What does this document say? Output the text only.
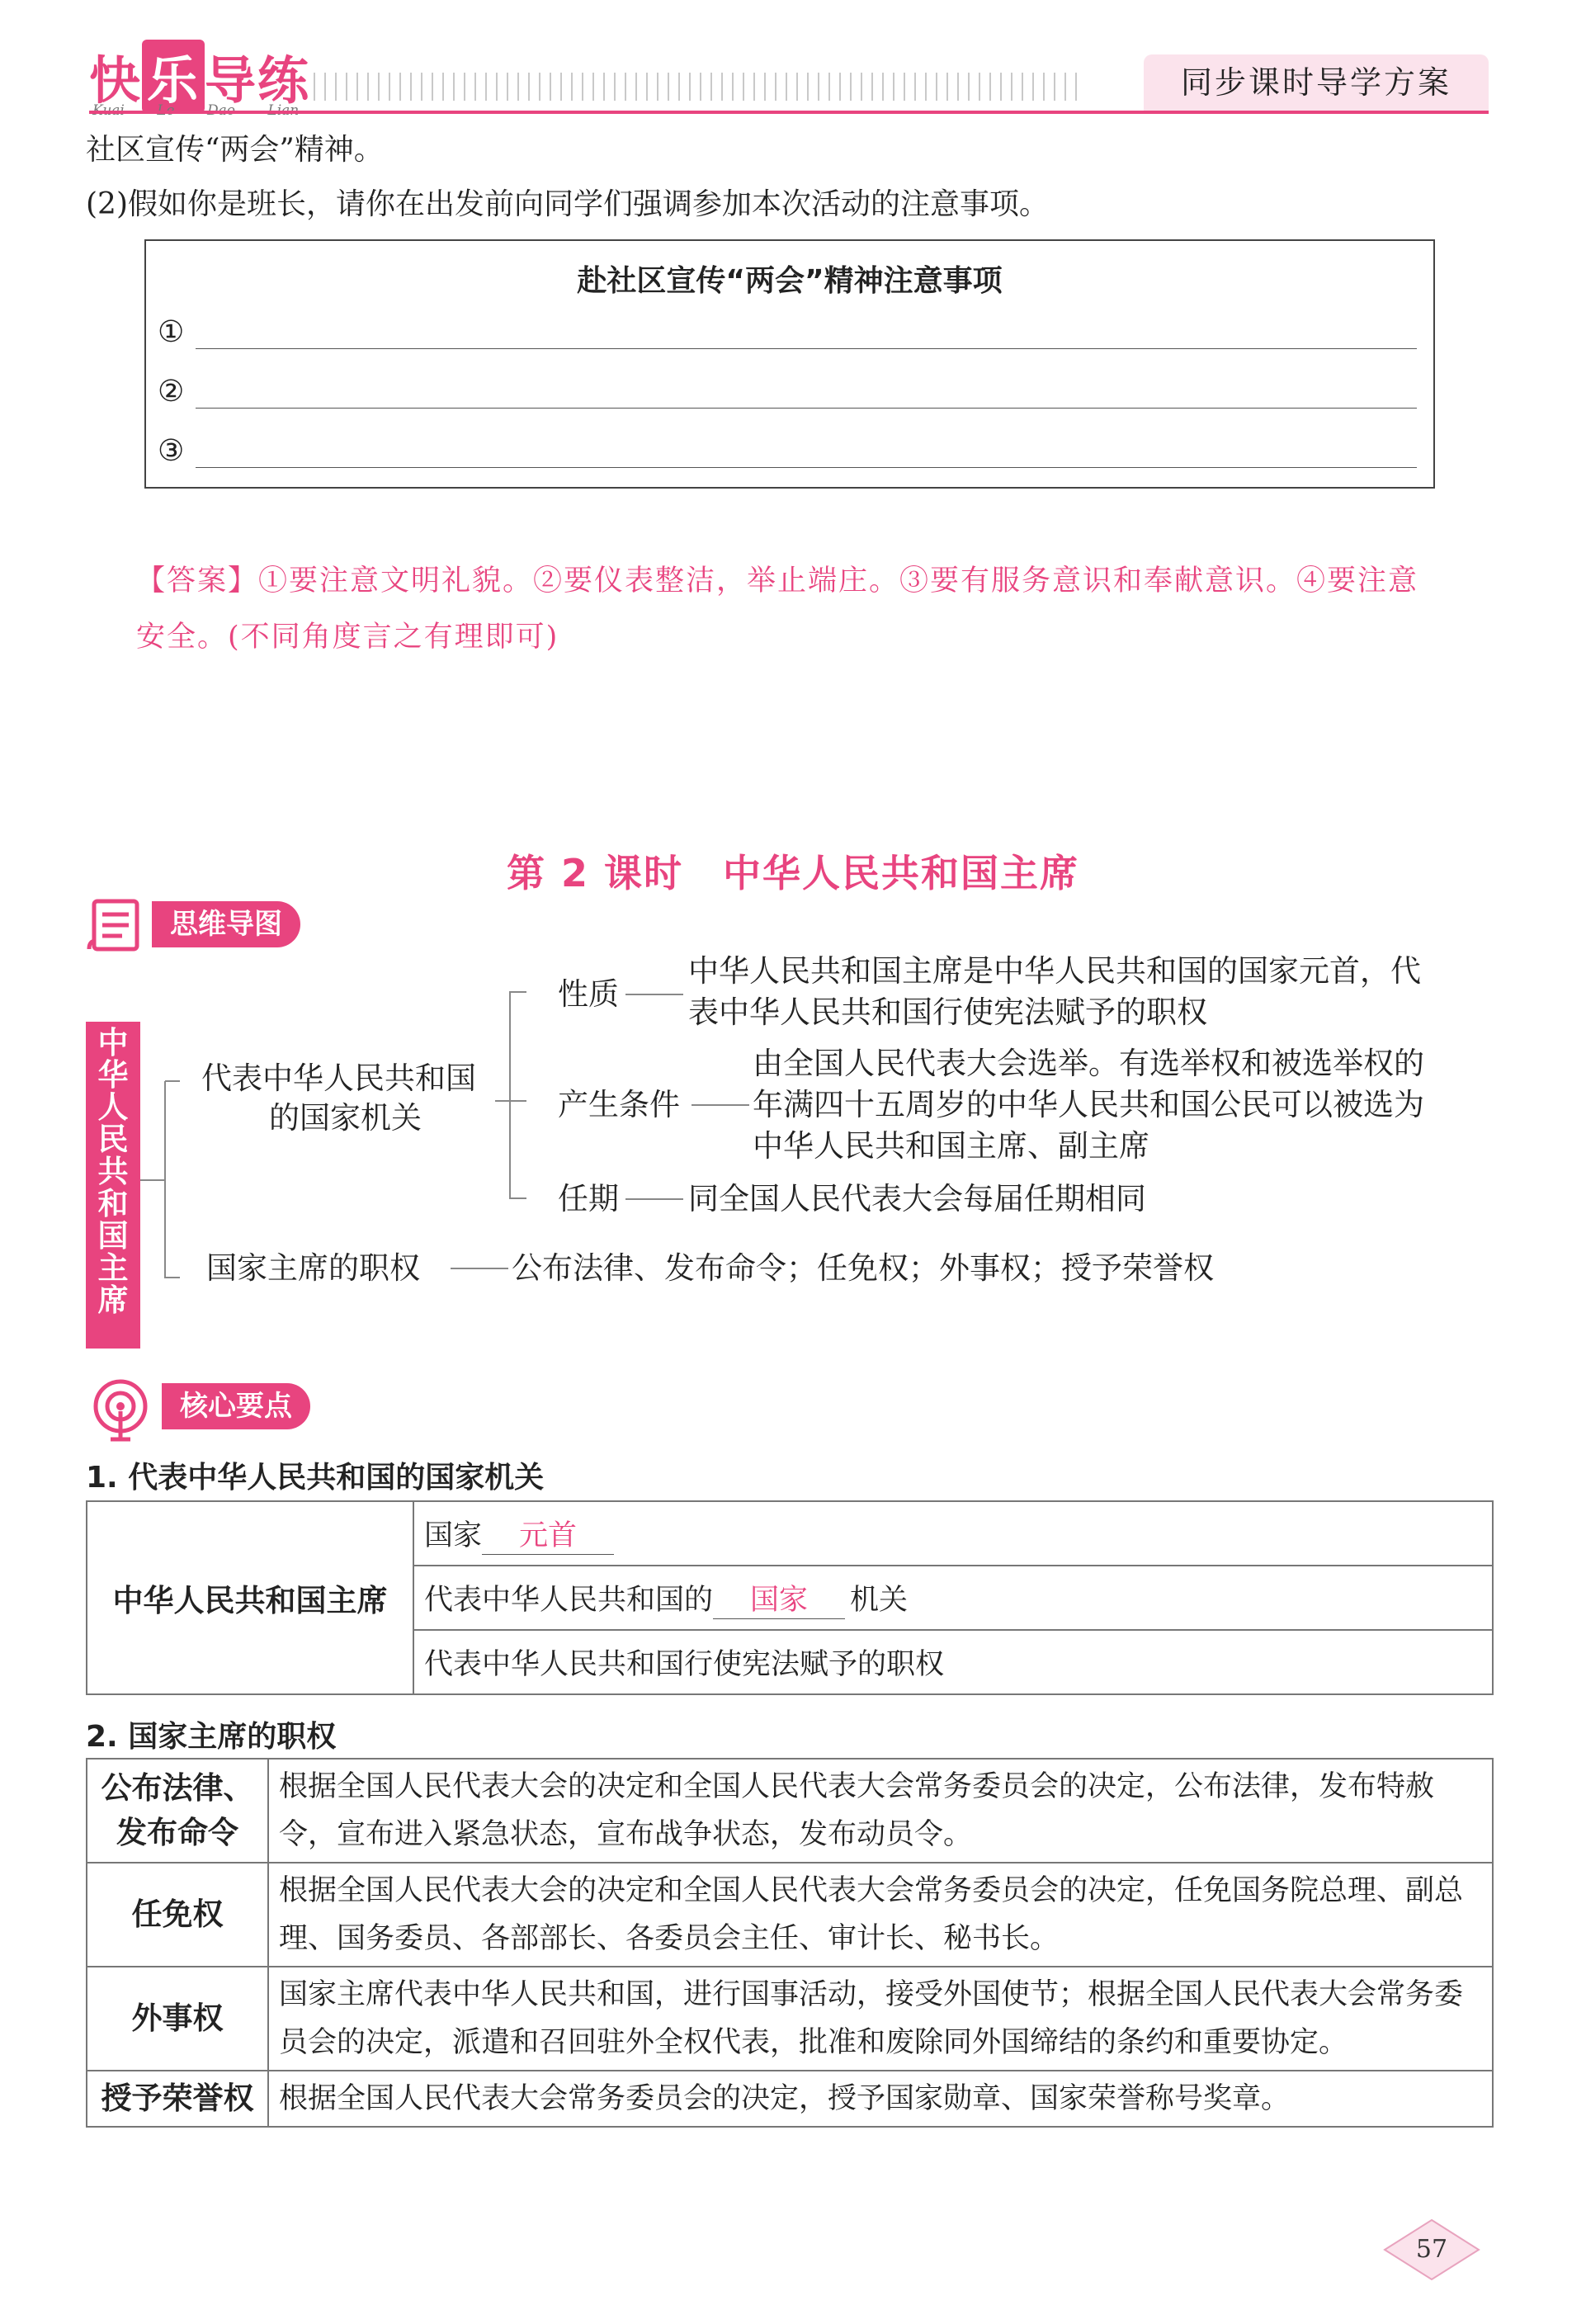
快乐导练	同步课时导学方案
社区宣传“两会”精神。
(2)假如你是班长，请你在出发前向同学们强调参加本次活动的注意事项。
赴社区宣传“两会”精神注意事项
①
②
③
【答案】①要注意文明礼貌。②要仪表整洁，举止端庄。③要有服务意识和奉献意识。④要注意
安全。(不同角度言之有理即可)
第 2 课时　中华人民共和国主席
思维导图
中华人民共和国主席
代表中华人民共和国
的国家机关
性质
中华人民共和国主席是中华人民共和国的国家元首，代
表中华人民共和国行使宪法赋予的职权
产生条件
由全国人民代表大会选举。有选举权和被选举权的
年满四十五周岁的中华人民共和国公民可以被选为
中华人民共和国主席、副主席
任期 同全国人民代表大会每届任期相同
国家主席的职权	公布法律、发布命令；任免权；外事权；授予荣誉权
核心要点
1. 代表中华人民共和国的国家机关
中华人民共和国主席	国家 元首
代表中华人民共和国的 国家 机关
代表中华人民共和国行使宪法赋予的职权
2. 国家主席的职权
公布法律、
发布命令	根据全国人民代表大会的决定和全国人民代表大会常务委员会的决定，公布法律，发布特赦令，宣布进入紧急状态，宣布战争状态，发布动员令。
任免权	根据全国人民代表大会的决定和全国人民代表大会常务委员会的决定，任免国务院总理、副总理、国务委员、各部部长、各委员会主任、审计长、秘书长。
外事权	国家主席代表中华人民共和国，进行国事活动，接受外国使节；根据全国人民代表大会常务委员会的决定，派遣和召回驻外全权代表，批准和废除同外国缔结的条约和重要协定。
授予荣誉权	根据全国人民代表大会常务委员会的决定，授予国家勋章、国家荣誉称号奖章。
57
